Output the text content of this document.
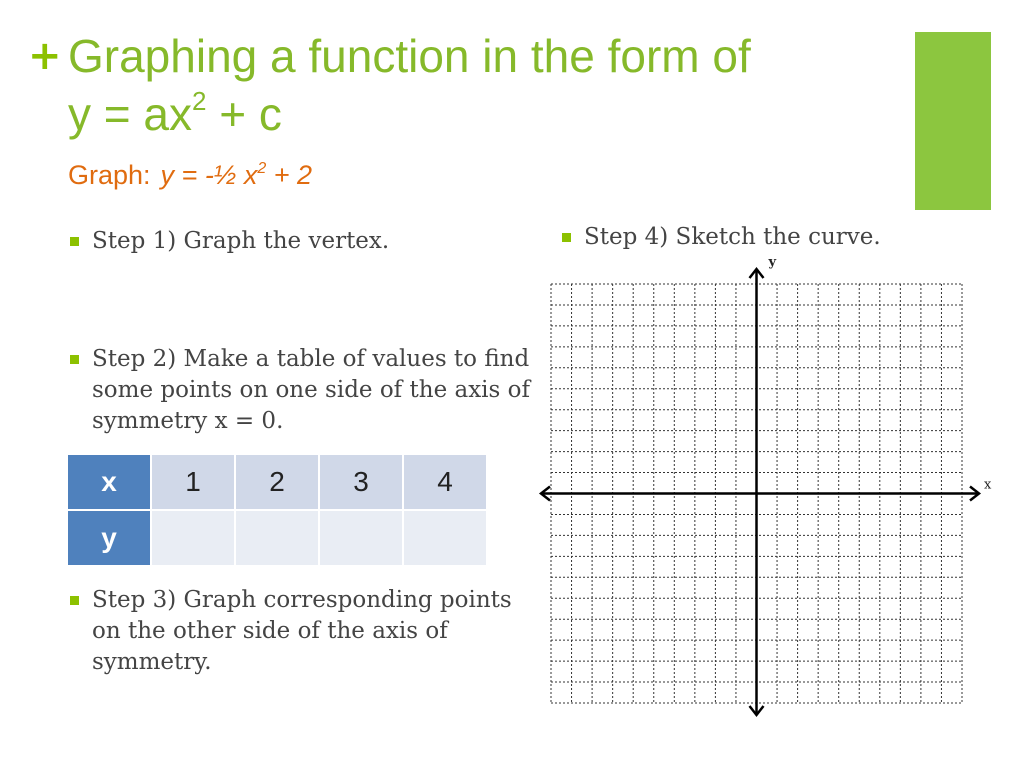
+ Graphing a function in the form of
$y = ax^2 + c$
Graph: y = -½ $x^2 + 2$
Step 1) Graph the vertex.
Step 2) Make a table of values to find some points on one side of the axis of symmetry x = 0.
x	1	2	3	4
y				
Step 3) Graph corresponding points on the other side of the axis of symmetry.
Step 4) Sketch the curve.
x
y
